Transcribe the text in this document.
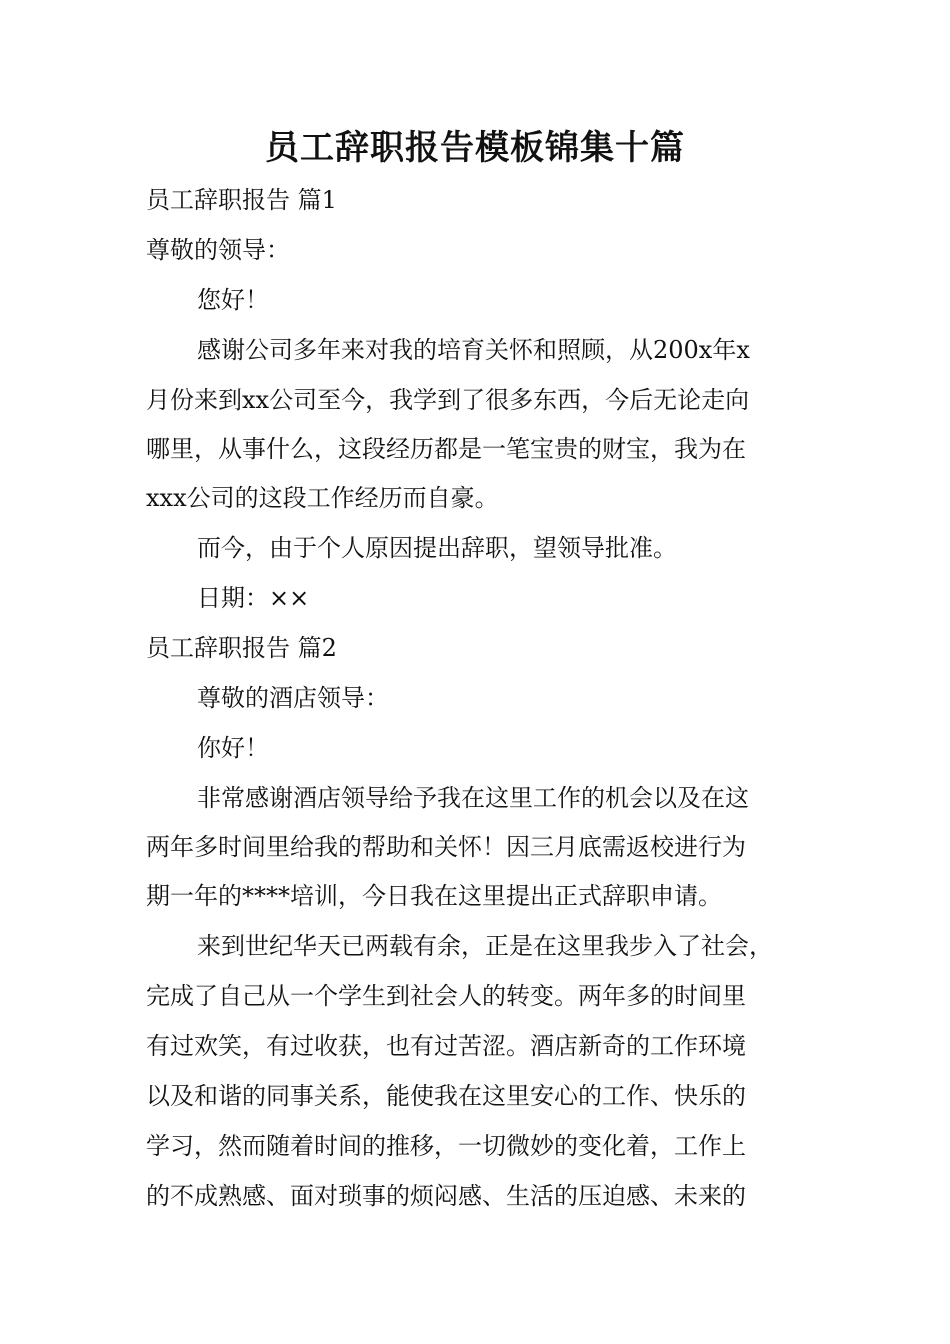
员工辞职报告模板锦集十篇

员工辞职报告 篇1

尊敬的领导：

您好！

感谢公司多年来对我的培育关怀和照顾，从200x年x

月份来到xx公司至今，我学到了很多东西，今后无论走向

哪里，从事什么，这段经历都是一笔宝贵的财宝，我为在

xxx公司的这段工作经历而自豪。

而今，由于个人原因提出辞职，望领导批准。

日期：××

员工辞职报告 篇2

尊敬的酒店领导：

你好！

非常感谢酒店领导给予我在这里工作的机会以及在这

两年多时间里给我的帮助和关怀！因三月底需返校进行为

期一年的****培训，今日我在这里提出正式辞职申请。

来到世纪华天已两载有余，正是在这里我步入了社会，

完成了自己从一个学生到社会人的转变。两年多的时间里

有过欢笑，有过收获，也有过苦涩。酒店新奇的工作环境

以及和谐的同事关系，能使我在这里安心的工作、快乐的

学习，然而随着时间的推移，一切微妙的变化着，工作上

的不成熟感、面对琐事的烦闷感、生活的压迫感、未来的
